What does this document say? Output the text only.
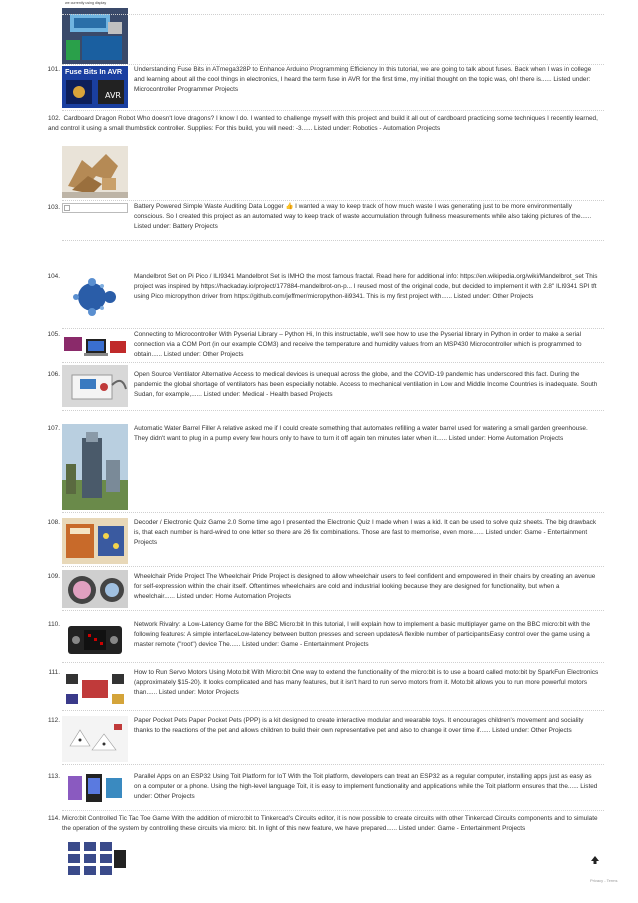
we currently using display
101.
AVR
Fuse Bits In AVR Understanding Fuse Bits in ATmega328P to Enhance Arduino Programming Efficiency In this tutorial, we are going to talk about fuses. Back when I was in college and learning about all the cool things in electronics, I heard the term fuse in AVR for the first time, my initial thought on the topic was, oh! there is...... Listed under: Microcontroller Programmer Projects
102. Cardboard Dragon Robot Who doesn't love dragons? I know I do. I wanted to challenge myself with this project and build it all out of cardboard practicing some techniques I recently learned, and control it using a small thumbstick controller. Supplies: For this build, you will need: -3...... Listed under: Robotics - Automation Projects
103.	Battery Powered Simple Waste Auditing Data Logger 👍 I wanted a way to keep track of how much waste I was generating just to be more environmentally conscious. So I created this project as an automated way to keep track of waste accumulation through fullness measurements while also taking pictures of the...... Listed under: Battery Projects
104.	Mandelbrot Set on Pi Pico / ILI9341 Mandelbrot Set is IMHO the most famous fractal. Read here for additional info: https://en.wikipedia.org/wiki/Mandelbrot_set This project was inspired by https://hackaday.io/project/177884-mandelbrot-on-p... I reused most of the original code, but decided to implement it with 2.8" ILI9341 SPI tft using Pico micropython driver from https://github.com/jeffmer/micropython-ili9341. This is my first project with...... Listed under: Other Projects
105.	Connecting to Microcontroller With Pyserial Library – Python Hi, In this instructable, we'll see how to use the Pyserial library in Python in order to make a serial connection via a COM Port (in our example COM3) and receive the temperature and humidity values from an MSP430 Microcontroller which is programmed to obtain...... Listed under: Other Projects
106.	Open Source Ventilator Alternative Access to medical devices is unequal across the globe, and the COVID-19 pandemic has underscored this fact. During the pandemic the global shortage of ventilators has been especially notable. Access to mechanical ventilation in Low and Middle Income Countries is inadequate. South Sudan, for example,...... Listed under: Medical - Health based Projects
107.	Automatic Water Barrel Filler A relative asked me if I could create something that automates refilling a water barrel used for watering a small garden greenhouse. They didn't want to plug in a pump every few hours only to have to turn it off again ten minutes later when it...... Listed under: Home Automation Projects
108.	Decoder / Electronic Quiz Game 2.0 Some time ago I presented the Electronic Quiz I made when I was a kid. It can be used to solve quiz sheets. The big drawback is, that each number is hard-wired to one letter so there are 26 fix combinations. Those are fast to memorise, even more...... Listed under: Game - Entertainment Projects
109.	Wheelchair Pride Project The Wheelchair Pride Project is designed to allow wheelchair users to feel confident and empowered in their chairs by creating an avenue for self-expression within the chair itself. Oftentimes wheelchairs are cold and industrial looking because they are designed for functionality, but when a wheelchair...... Listed under: Home Automation Projects
110.	Network Rivalry: a Low-Latency Game for the BBC Micro:bit In this tutorial, I will explain how to implement a basic multiplayer game on the BBC micro:bit with the following features: A simple interfaceLow-latency between button presses and screen updatesA flexible number of participantsEasy control over the game using a master remote ("root") device The...... Listed under: Game - Entertainment Projects
111.	How to Run Servo Motors Using Moto:bit With Micro:bit One way to extend the functionality of the micro:bit is to use a board called moto:bit by SparkFun Electronics (approximately $15-20). It looks complicated and has many features, but it isn't hard to run servo motors from it. Moto:bit allows you to run more powerful motors than...... Listed under: Motor Projects
112.	Paper Pocket Pets Paper Pocket Pets (PPP) is a kit designed to create interactive modular and wearable toys. It encourages children's movement and sociality thanks to the reactions of the pet and allows children to build their own representative pet and also to change it over time if...... Listed under: Other Projects
113.	Parallel Apps on an ESP32 Using Toit Platform for IoT With the Toit platform, developers can treat an ESP32 as a regular computer, installing apps just as easy as on a computer or a phone. Using the high-level language Toit, it is easy to implement functionality and applications while the Toit platform ensures that the...... Listed under: Other Projects
114. Micro:bit Controlled Tic Tac Toe Game With the addition of micro:bit to Tinkercad's Circuits editor, it is now possible to create circuits with other Tinkercad Circuits components and to simulate the operation of the system by controlling these circuits via micro: bit. In light of this new feature, we have prepared...... Listed under: Game - Entertainment Projects
Privacy - Terms
